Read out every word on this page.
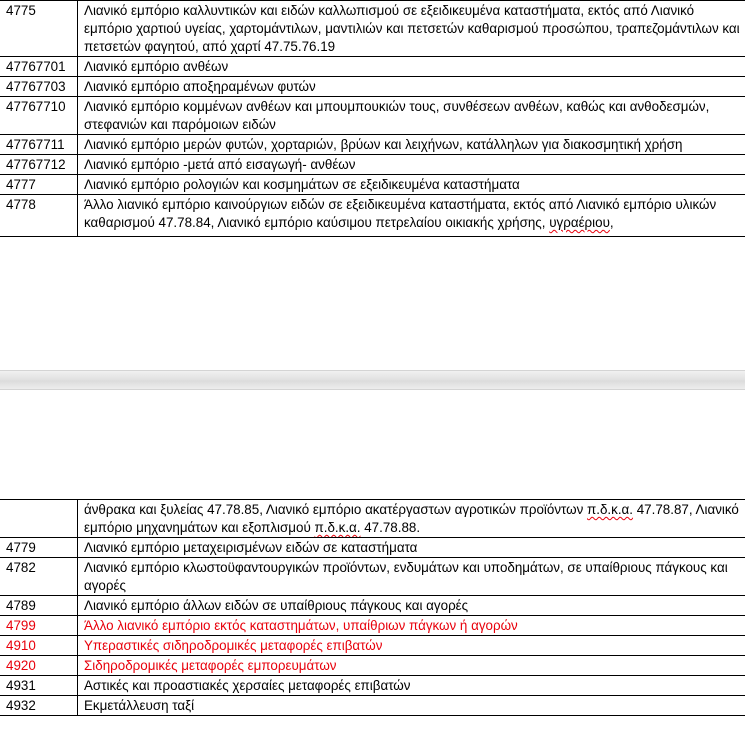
4775	Λιανικό εμπόριο καλλυντικών και ειδών καλλωπισμού σε εξειδικευμένα καταστήματα, εκτός από Λιανικό εμπόριο χαρτιού υγείας, χαρτομάντιλων, μαντιλιών και πετσετών καθαρισμού προσώπου, τραπεζομάντιλων και πετσετών φαγητού, από χαρτί 47.75.76.19
47767701	Λιανικό εμπόριο ανθέων
47767703	Λιανικό εμπόριο αποξηραμένων φυτών
47767710	Λιανικό εμπόριο κομμένων ανθέων και μπουμπουκιών τους, συνθέσεων ανθέων, καθώς και ανθοδεσμών, στεφανιών και παρόμοιων ειδών
47767711	Λιανικό εμπόριο μερών φυτών, χορταριών, βρύων και λειχήνων, κατάλληλων για διακοσμητική χρήση
47767712	Λιανικό εμπόριο -μετά από εισαγωγή- ανθέων
4777	Λιανικό εμπόριο ρολογιών και κοσμημάτων σε εξειδικευμένα καταστήματα
4778	Άλλο λιανικό εμπόριο καινούργιων ειδών σε εξειδικευμένα καταστήματα, εκτός από Λιανικό εμπόριο υλικών καθαρισμού 47.78.84, Λιανικό εμπόριο καύσιμου πετρελαίου οικιακής χρήσης, υγραέριου,
	άνθρακα και ξυλείας 47.78.85, Λιανικό εμπόριο ακατέργαστων αγροτικών προϊόντων π.δ.κ.α. 47.78.87, Λιανικό εμπόριο μηχανημάτων και εξοπλισμού π.δ.κ.α. 47.78.88.
4779	Λιανικό εμπόριο μεταχειρισμένων ειδών σε καταστήματα
4782	Λιανικό εμπόριο κλωστοϋφαντουργικών προϊόντων, ενδυμάτων και υποδημάτων, σε υπαίθριους πάγκους και αγορές
4789	Λιανικό εμπόριο άλλων ειδών σε υπαίθριους πάγκους και αγορές
4799	Άλλο λιανικό εμπόριο εκτός καταστημάτων, υπαίθριων πάγκων ή αγορών
4910	Υπεραστικές σιδηροδρομικές μεταφορές επιβατών
4920	Σιδηροδρομικές μεταφορές εμπορευμάτων
4931	Αστικές και προαστιακές χερσαίες μεταφορές επιβατών
4932	Εκμετάλλευση ταξί
